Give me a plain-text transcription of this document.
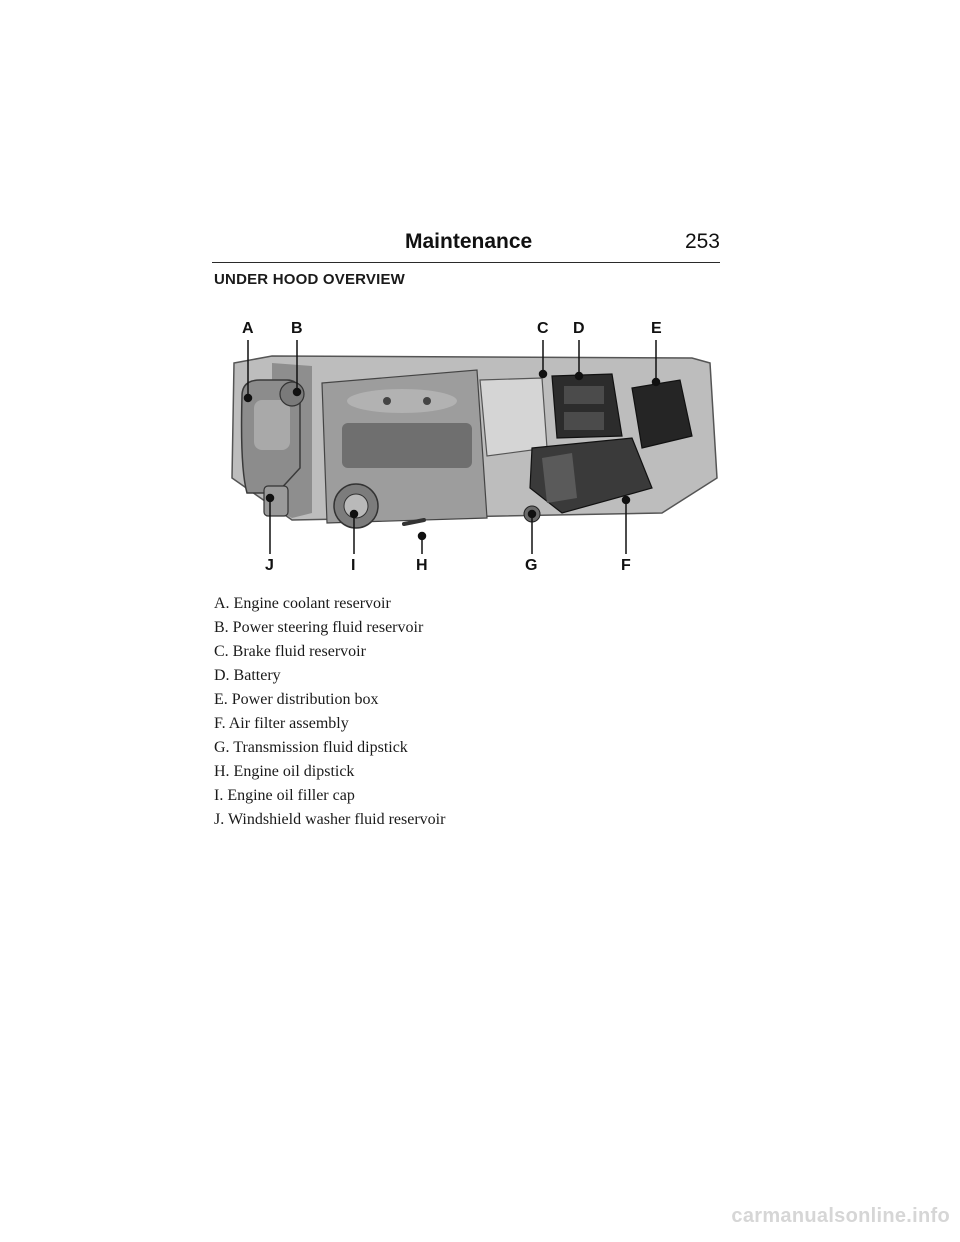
Maintenance	253
UNDER HOOD OVERVIEW
A B	C D	E
F
G
H
I
J
A. Engine coolant reservoir
B. Power steering fluid reservoir
C. Brake fluid reservoir
D. Battery
E. Power distribution box
F. Air filter assembly
G. Transmission fluid dipstick
H. Engine oil dipstick
I. Engine oil filler cap
J. Windshield washer fluid reservoir
carmanualsonline.info
